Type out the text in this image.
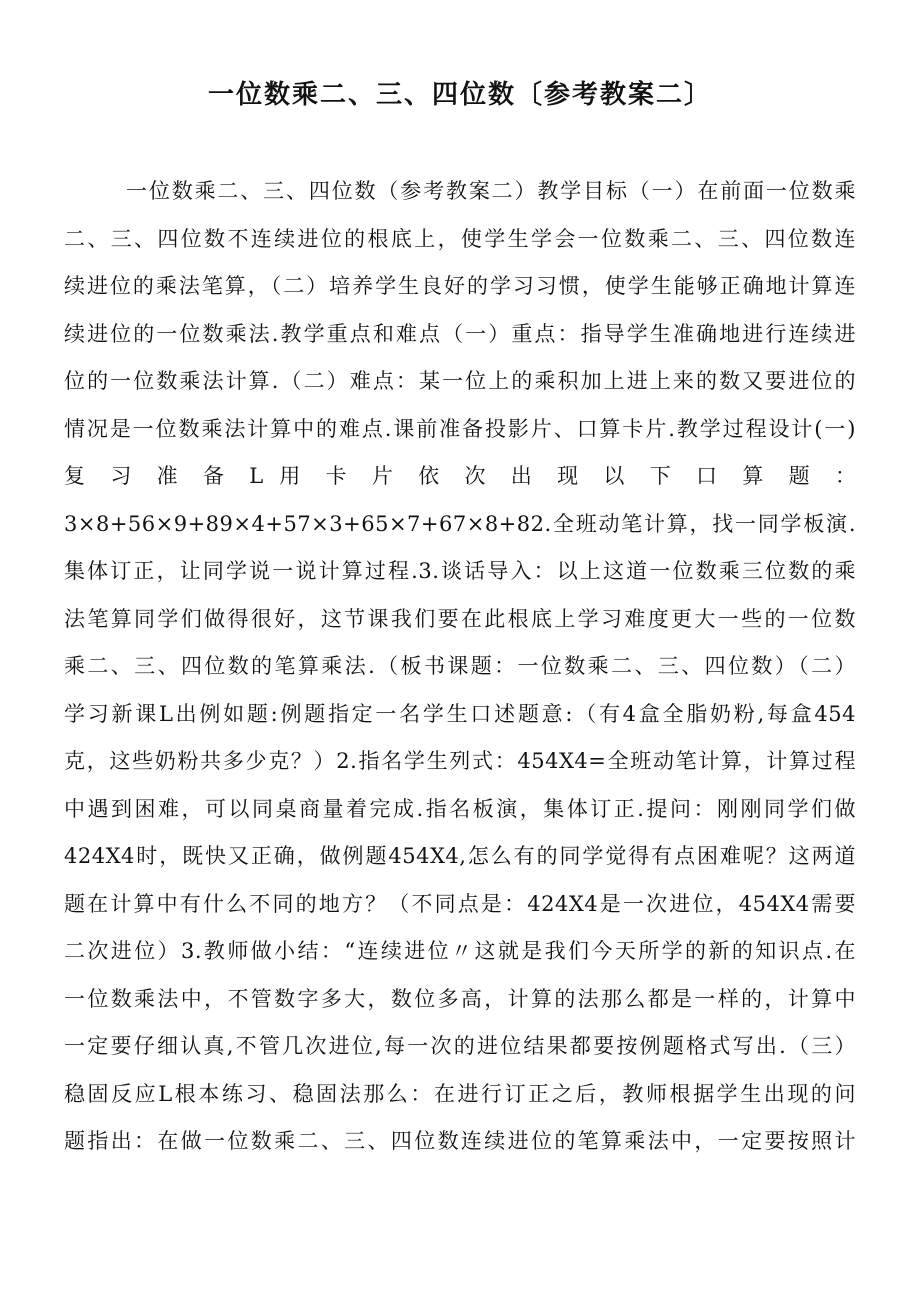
一位数乘二、三、四位数〔参考教案二〕
一位数乘二、三、四位数（参考教案二）教学目标（一）在前面一位数乘
二、三、四位数不连续进位的根底上，使学生学会一位数乘二、三、四位数连
续进位的乘法笔算，（二）培养学生良好的学习习惯，使学生能够正确地计算连
续进位的一位数乘法.教学重点和难点（一）重点：指导学生准确地进行连续进
位的一位数乘法计算.（二）难点：某一位上的乘积加上进上来的数又要进位的
情况是一位数乘法计算中的难点.课前准备投影片、口算卡片.教学过程设计(一)
复 习 准 备 L 用 卡 片 依 次 出 现 以 下 口 算 题 ：
3×8+56×9+89×4+57×3+65×7+67×8+82.全班动笔计算，找一同学板演.
集体订正，让同学说一说计算过程.3.谈话导入：以上这道一位数乘三位数的乘
法笔算同学们做得很好，这节课我们要在此根底上学习难度更大一些的一位数
乘二、三、四位数的笔算乘法.（板书课题：一位数乘二、三、四位数）（二）
学习新课L出例如题:例题指定一名学生口述题意:（有4盒全脂奶粉,每盒454
克，这些奶粉共多少克？）2.指名学生列式：454X4=全班动笔计算，计算过程
中遇到困难，可以同桌商量着完成.指名板演，集体订正.提问：刚刚同学们做
424X4时，既快又正确，做例题454X4,怎么有的同学觉得有点困难呢？这两道
题在计算中有什么不同的地方？（不同点是：424X4是一次进位，454X4需要
二次进位）3.教师做小结：“连续进位〃这就是我们今天所学的新的知识点.在
一位数乘法中，不管数字多大，数位多高，计算的法那么都是一样的，计算中
一定要仔细认真,不管几次进位,每一次的进位结果都要按例题格式写出.（三）
稳固反应L根本练习、稳固法那么：在进行订正之后，教师根据学生出现的问
题指出：在做一位数乘二、三、四位数连续进位的笔算乘法中，一定要按照计
